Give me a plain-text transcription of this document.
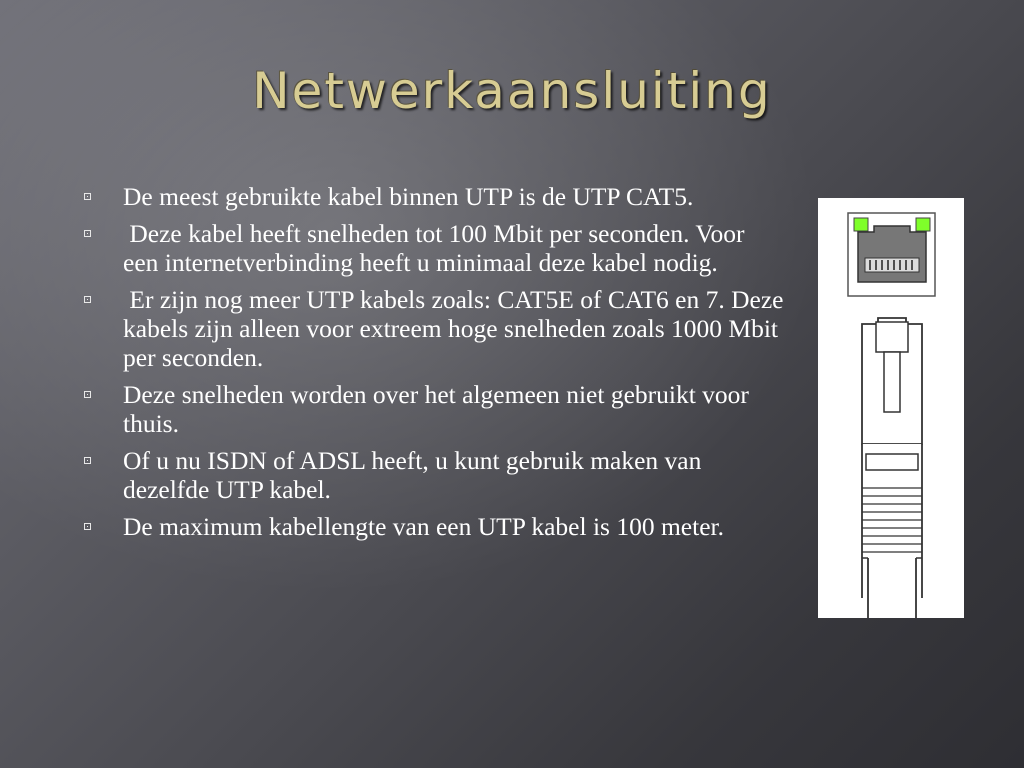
Netwerkaansluiting
De meest gebruikte kabel binnen UTP is de UTP CAT5.
Deze kabel heeft snelheden tot 100 Mbit per seconden. Voor een internetverbinding heeft u minimaal deze kabel nodig.
Er zijn nog meer UTP kabels zoals: CAT5E of CAT6 en 7. Deze kabels zijn alleen voor extreem hoge snelheden zoals 1000 Mbit per seconden.
Deze snelheden worden over het algemeen niet gebruikt voor thuis.
Of u nu ISDN of ADSL heeft, u kunt gebruik maken van dezelfde UTP kabel.
De maximum kabellengte van een UTP kabel is 100 meter.
